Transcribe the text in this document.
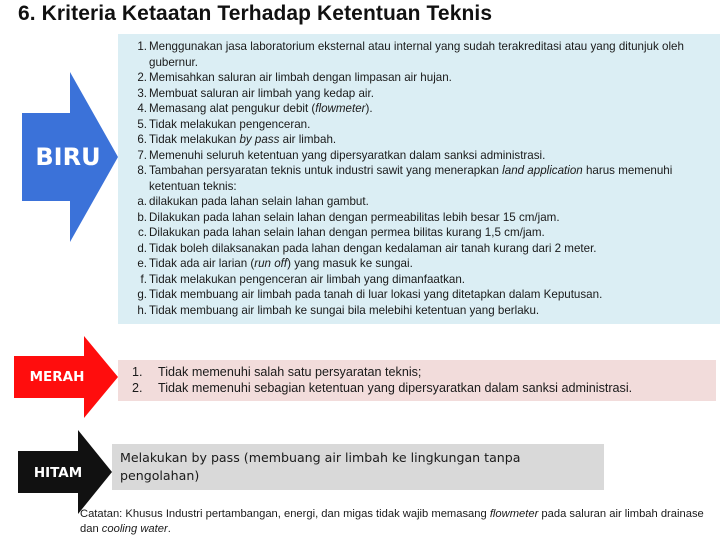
6. Kriteria Ketaatan Terhadap Ketentuan Teknis
BIRU
1. Menggunakan jasa laboratorium eksternal atau internal yang sudah terakreditasi atau yang ditunjuk oleh gubernur.
2. Memisahkan saluran air limbah dengan limpasan air hujan.
3. Membuat saluran air limbah yang kedap air.
4. Memasang alat pengukur debit (flowmeter).
5. Tidak melakukan pengenceran.
6. Tidak melakukan by pass air limbah.
7. Memenuhi seluruh ketentuan yang dipersyaratkan dalam sanksi administrasi.
8. Tambahan persyaratan teknis untuk industri sawit yang menerapkan land application harus memenuhi ketentuan teknis:
a. dilakukan pada lahan selain lahan gambut.
b. Dilakukan pada lahan selain lahan dengan permeabilitas lebih besar 15 cm/jam.
c. Dilakukan pada lahan selain lahan dengan permea bilitas kurang 1,5 cm/jam.
d. Tidak boleh dilaksanakan pada lahan dengan kedalaman air tanah kurang dari 2 meter.
e. Tidak ada air larian (run off) yang masuk ke sungai.
f. Tidak melakukan pengenceran air limbah yang dimanfaatkan.
g. Tidak membuang air limbah pada tanah di luar lokasi yang ditetapkan dalam Keputusan.
h. Tidak membuang air limbah ke sungai bila melebihi ketentuan yang berlaku.
MERAH	1. Tidak memenuhi salah satu persyaratan teknis;
2. Tidak memenuhi sebagian ketentuan yang dipersyaratkan dalam sanksi administrasi.
HITAM
Melakukan by pass (membuang air limbah ke lingkungan tanpa pengolahan)
Catatan: Khusus Industri pertambangan, energi, dan migas tidak wajib memasang flowmeter pada saluran air limbah drainase dan cooling water.
